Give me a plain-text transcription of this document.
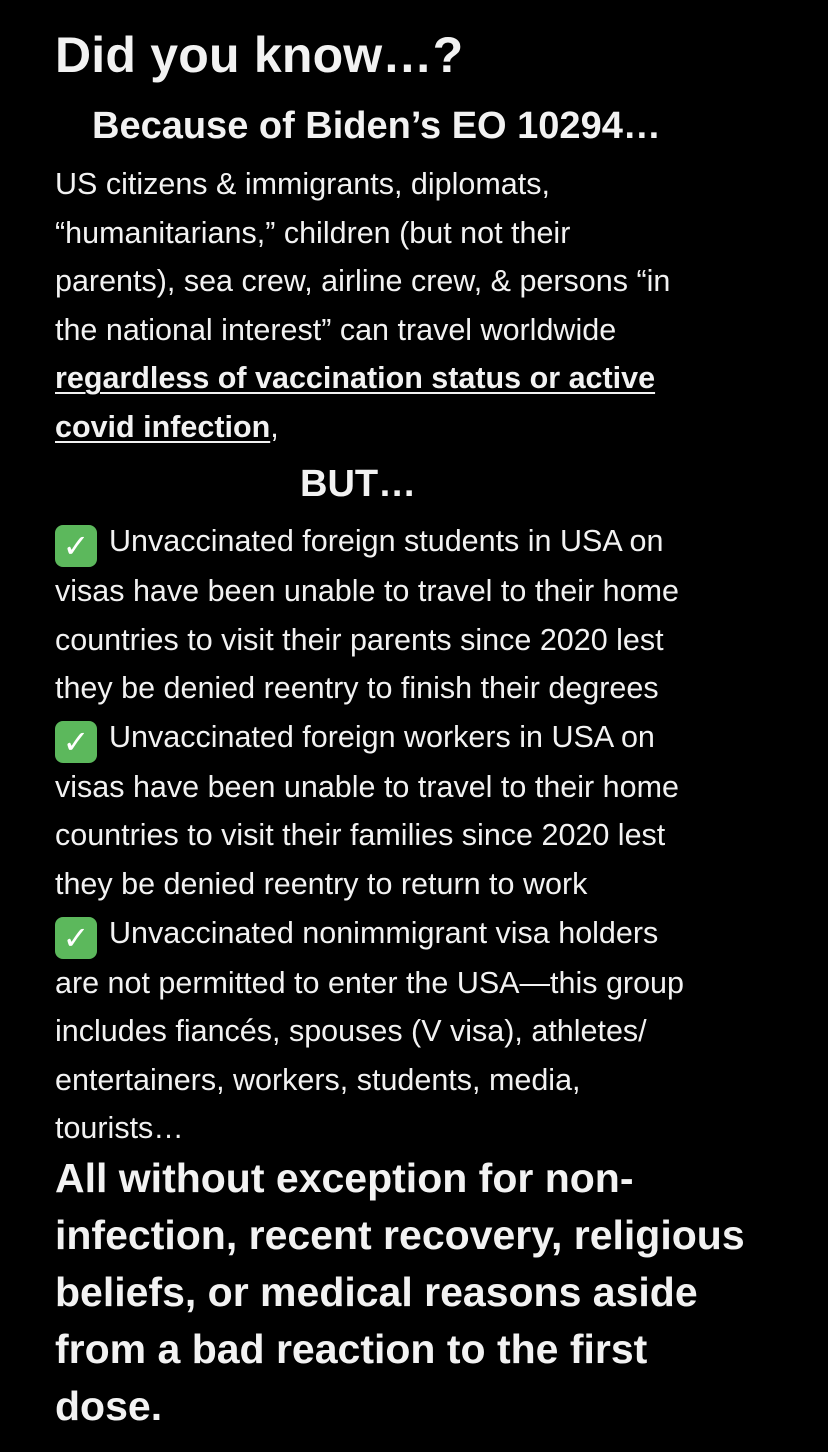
Did you know…?
Because of Biden’s EO 10294…
US citizens & immigrants, diplomats,
“humanitarians,” children (but not their
parents), sea crew, airline crew, & persons “in
the national interest” can travel worldwide
regardless of vaccination status or active
covid infection,
BUT…
✓ Unvaccinated foreign students in USA on
visas have been unable to travel to their home
countries to visit their parents since 2020 lest
they be denied reentry to finish their degrees
✓ Unvaccinated foreign workers in USA on
visas have been unable to travel to their home
countries to visit their families since 2020 lest
they be denied reentry to return to work
✓ Unvaccinated nonimmigrant visa holders
are not permitted to enter the USA—this group
includes fiancés, spouses (V visa), athletes/
entertainers, workers, students, media,
tourists…
All without exception for non-
infection, recent recovery, religious
beliefs, or medical reasons aside
from a bad reaction to the first
dose.
